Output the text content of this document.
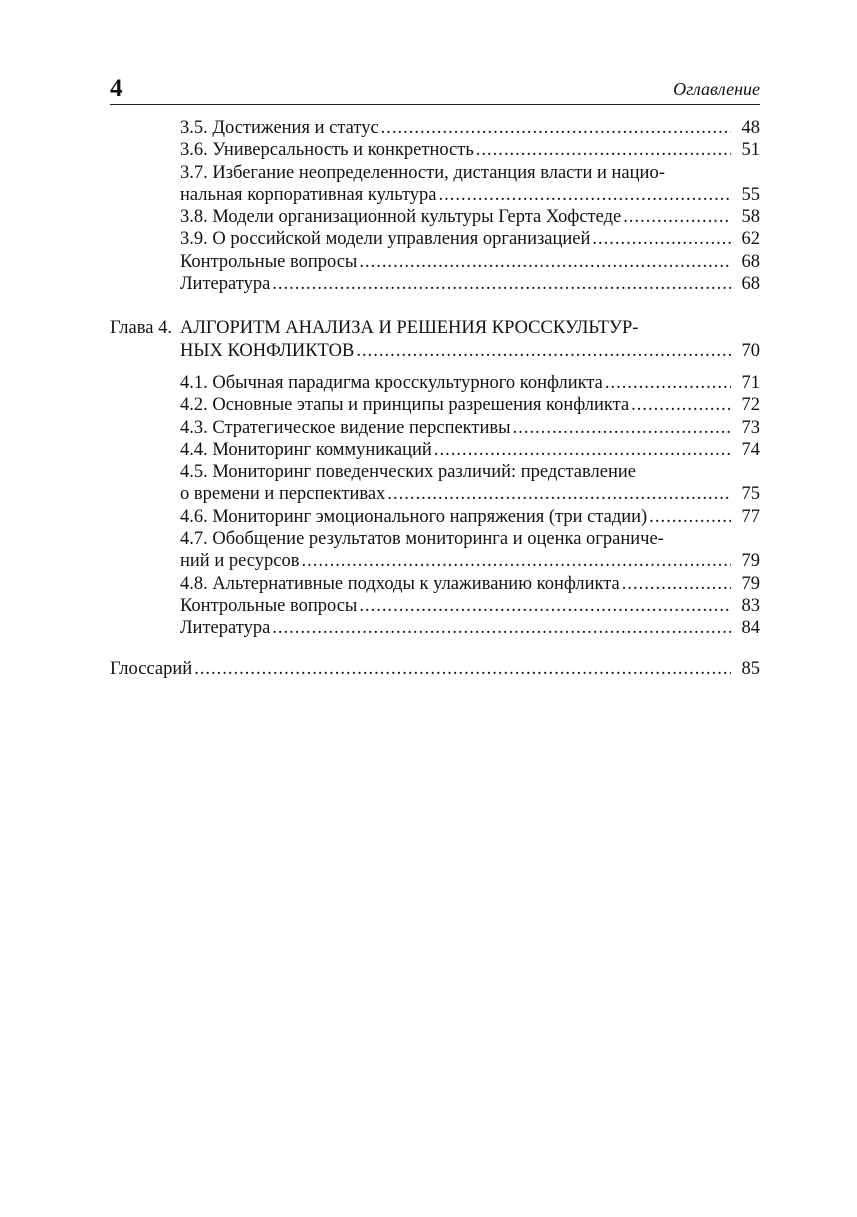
4	Оглавление
3.5. Достижения и статус .....	48
3.6. Универсальность и конкретность .....	51
3.7. Избегание неопределенности, дистанция власти и нацио-
нальная корпоративная культура .....	55
3.8. Модели организационной культуры Герта Хофстеде .....	58
3.9. О российской модели управления организацией .....	62
Контрольные вопросы .....	68
Литература .....	68
Глава 4. АЛГОРИТМ АНАЛИЗА И РЕШЕНИЯ КРОССКУЛЬТУР-
НЫХ КОНФЛИКТОВ .....	70
4.1. Обычная парадигма кросскультурного конфликта .....	71
4.2. Основные этапы и принципы разрешения конфликта .....	72
4.3. Стратегическое видение перспективы .....	73
4.4. Мониторинг коммуникаций .....	74
4.5. Мониторинг поведенческих различий: представление
о времени и перспективах .....	75
4.6. Мониторинг эмоционального напряжения (три стадии) .....	77
4.7. Обобщение результатов мониторинга и оценка ограниче-
ний и ресурсов .....	79
4.8. Альтернативные подходы к улаживанию конфликта .....	79
Контрольные вопросы .....	83
Литература .....	84
Глоссарий .....	85
